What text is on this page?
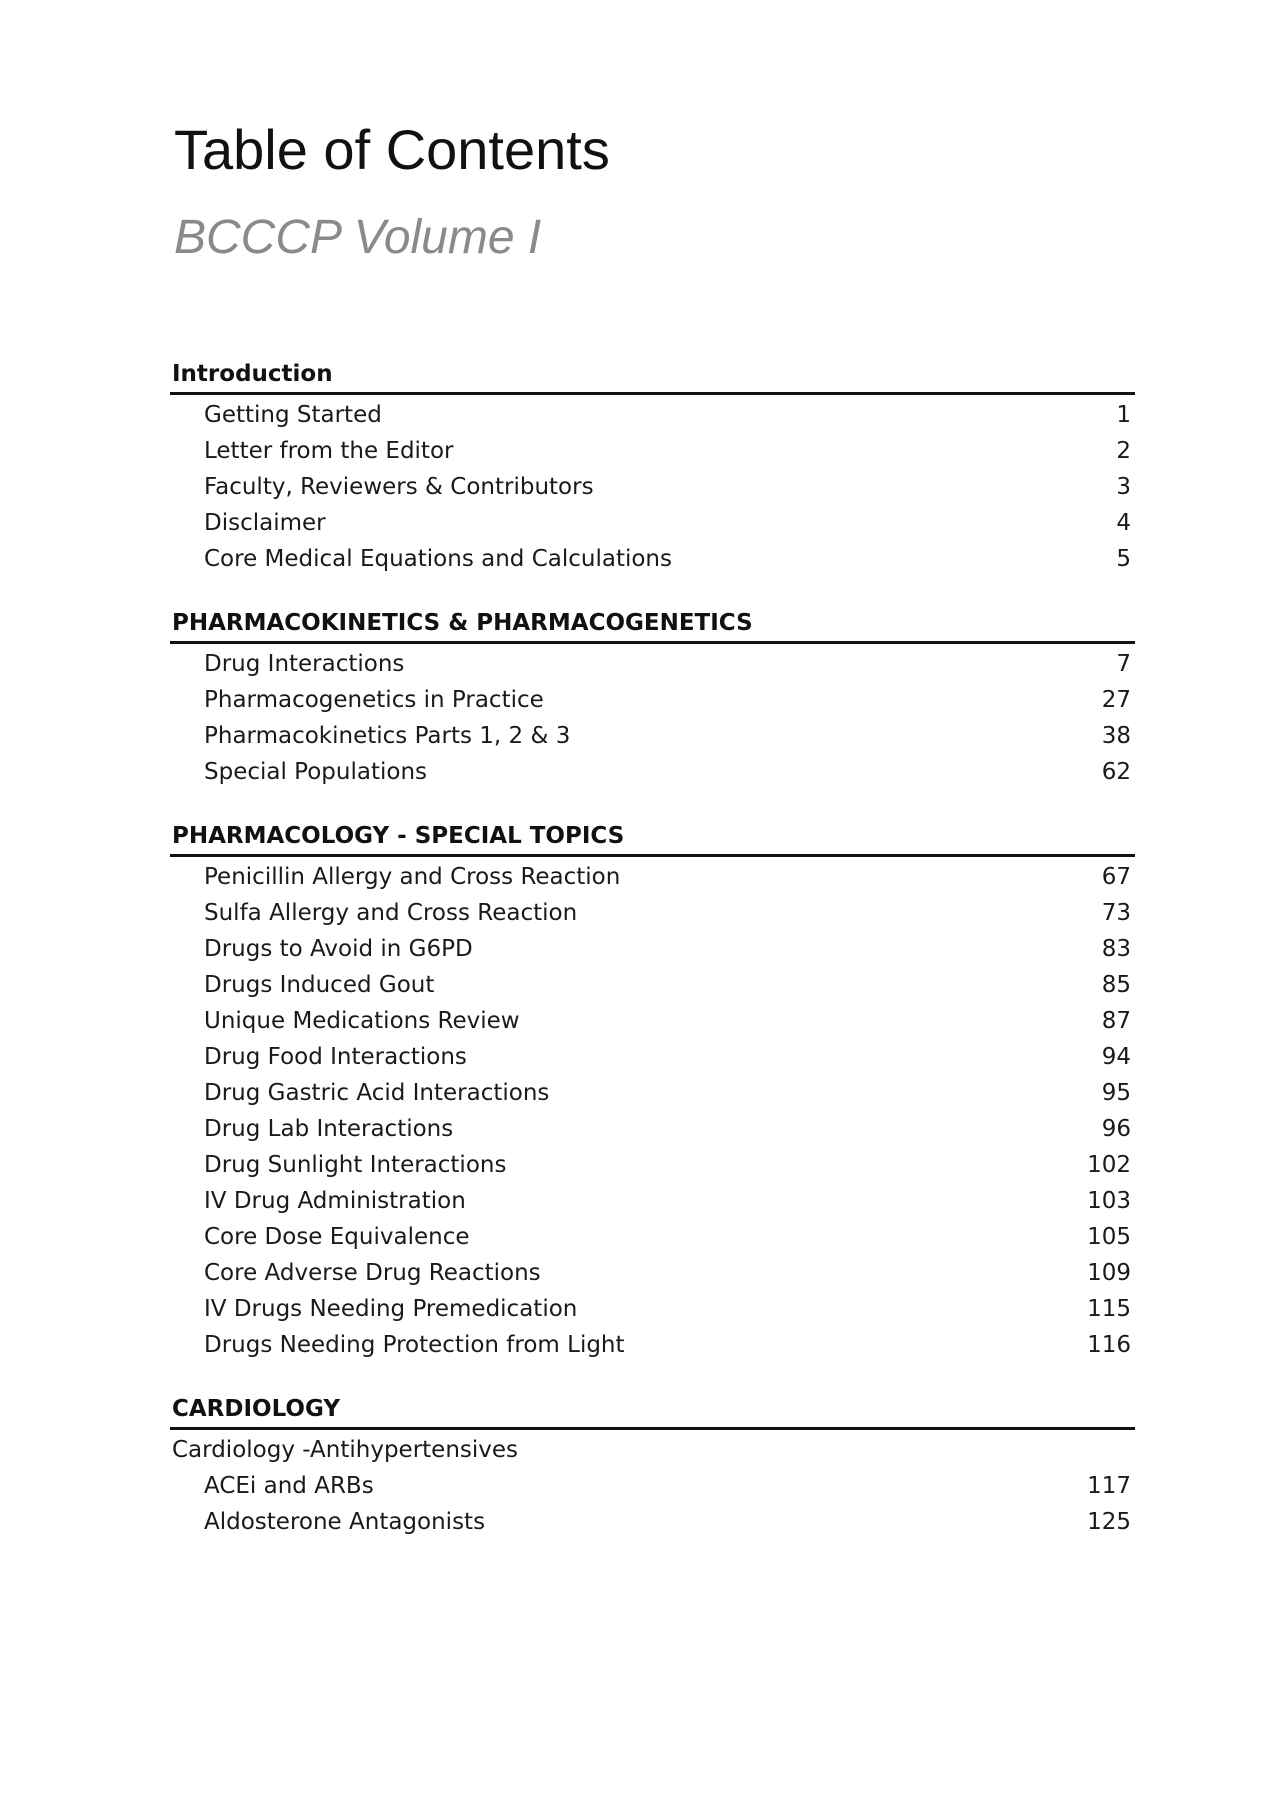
Table of Contents
BCCCP Volume I
Introduction
Getting Started	1
Letter from the Editor	2
Faculty, Reviewers & Contributors	3
Disclaimer	4
Core Medical Equations and Calculations	5
PHARMACOKINETICS & PHARMACOGENETICS
Drug Interactions	7
Pharmacogenetics in Practice	27
Pharmacokinetics Parts 1, 2 & 3	38
Special Populations	62
PHARMACOLOGY - SPECIAL TOPICS
Penicillin Allergy and Cross Reaction	67
Sulfa Allergy and Cross Reaction	73
Drugs to Avoid in G6PD	83
Drugs Induced Gout	85
Unique Medications Review	87
Drug Food Interactions	94
Drug Gastric Acid Interactions	95
Drug Lab Interactions	96
Drug Sunlight Interactions	102
IV Drug Administration	103
Core Dose Equivalence	105
Core Adverse Drug Reactions	109
IV Drugs Needing Premedication	115
Drugs Needing Protection from Light	116
CARDIOLOGY
Cardiology -Antihypertensives
ACEi and ARBs	117
Aldosterone Antagonists	125
